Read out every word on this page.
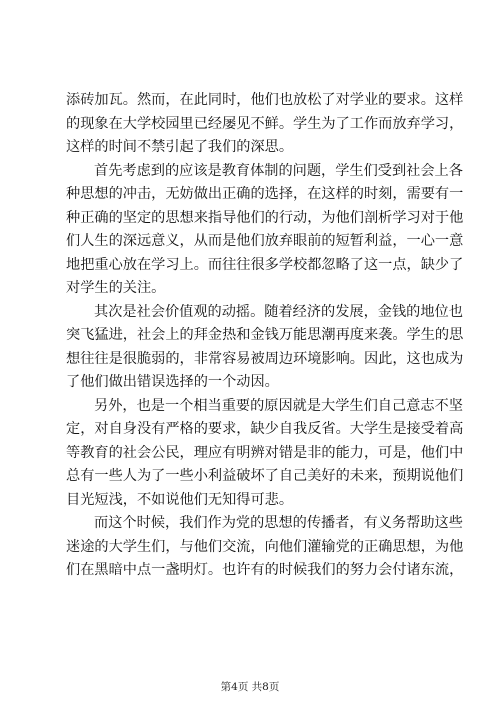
添砖加瓦。然而，在此同时，他们也放松了对学业的要求。这样
的现象在大学校园里已经屡见不鲜。学生为了工作而放弃学习，
这样的时间不禁引起了我们的深思。
首先考虑到的应该是教育体制的问题，学生们受到社会上各
种思想的冲击，无妨做出正确的选择，在这样的时刻，需要有一
种正确的坚定的思想来指导他们的行动，为他们剖析学习对于他
们人生的深远意义，从而是他们放弃眼前的短暂利益，一心一意
地把重心放在学习上。而往往很多学校都忽略了这一点，缺少了
对学生的关注。
其次是社会价值观的动摇。随着经济的发展，金钱的地位也
突飞猛进，社会上的拜金热和金钱万能思潮再度来袭。学生的思
想往往是很脆弱的，非常容易被周边环境影响。因此，这也成为
了他们做出错误选择的一个动因。
另外，也是一个相当重要的原因就是大学生们自己意志不坚
定，对自身没有严格的要求，缺少自我反省。大学生是接受着高
等教育的社会公民，理应有明辨对错是非的能力，可是，他们中
总有一些人为了一些小利益破坏了自己美好的未来，预期说他们
目光短浅，不如说他们无知得可悲。
而这个时候，我们作为党的思想的传播者，有义务帮助这些
迷途的大学生们，与他们交流，向他们灌输党的正确思想，为他
们在黑暗中点一盏明灯。也许有的时候我们的努力会付诸东流，
第4页 共8页
